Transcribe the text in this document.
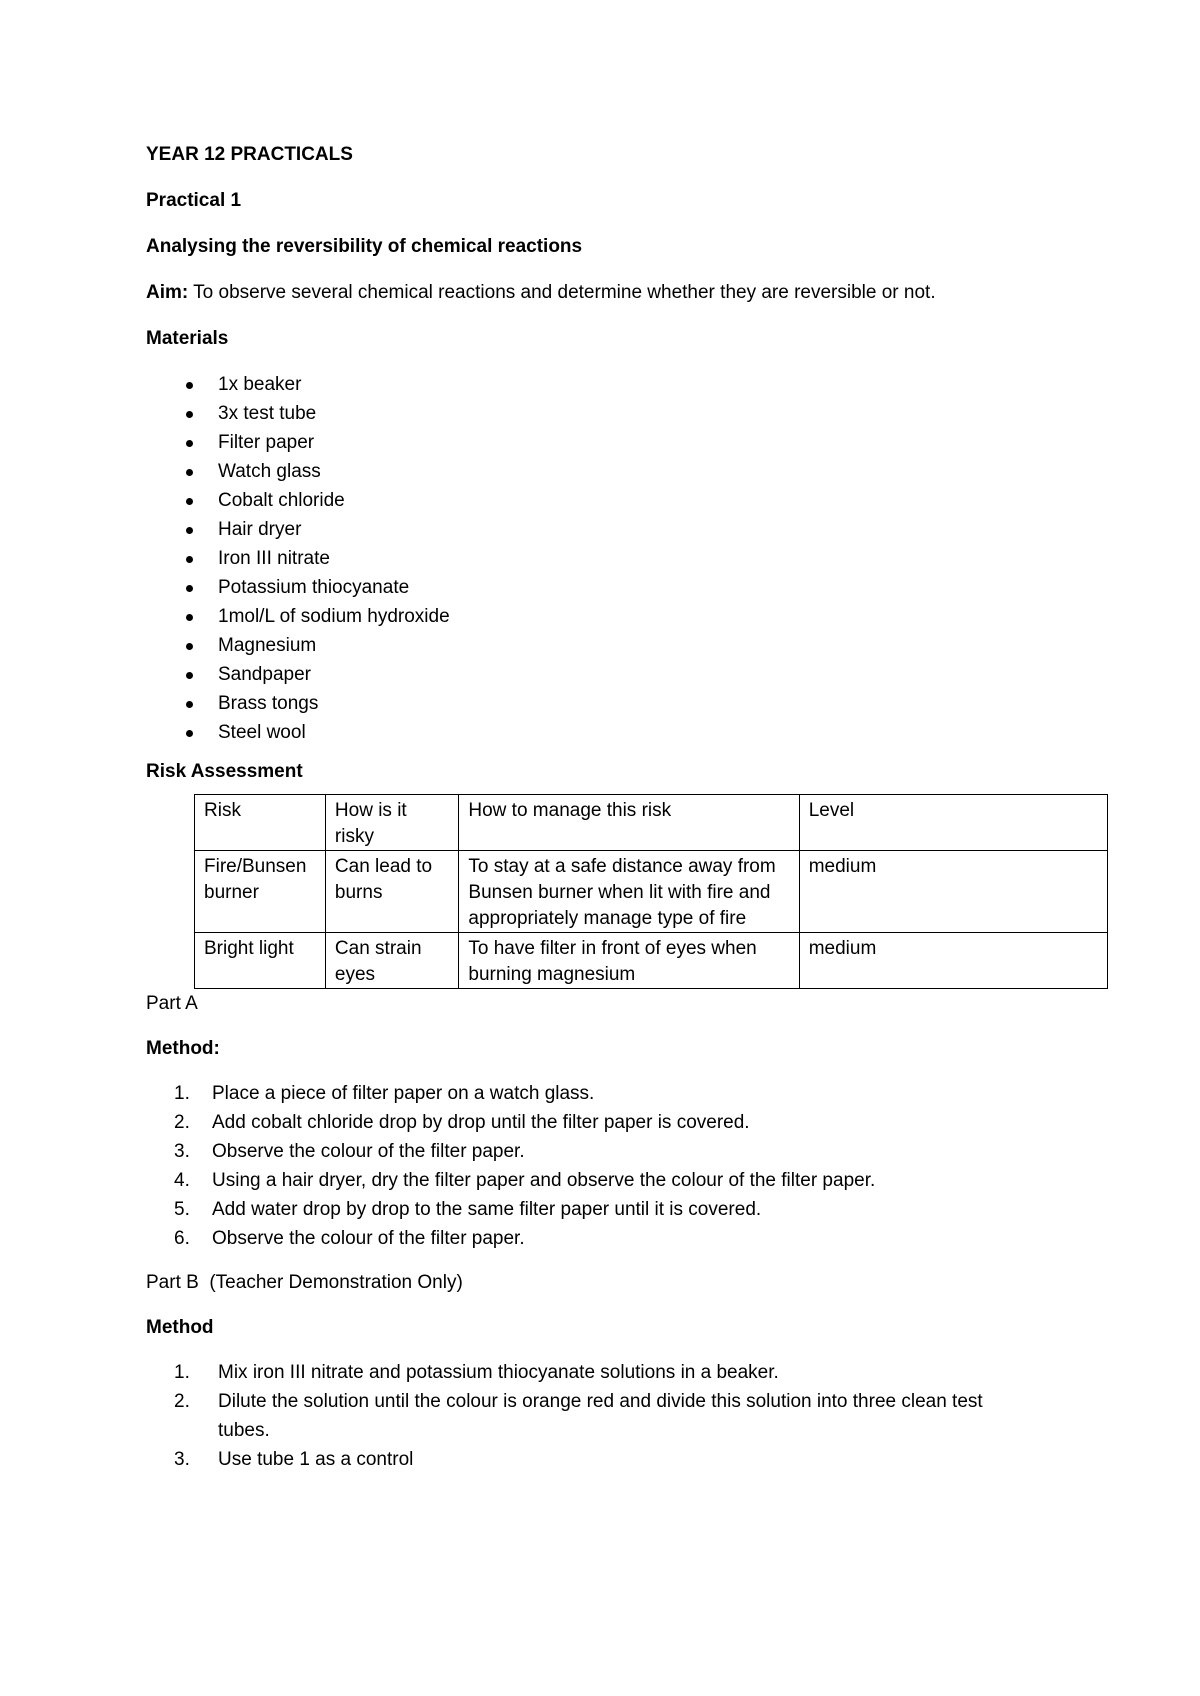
YEAR 12 PRACTICALS

Practical 1

Analysing the reversibility of chemical reactions

Aim: To observe several chemical reactions and determine whether they are reversible or not.

Materials

1x beaker
3x test tube
Filter paper
Watch glass
Cobalt chloride
Hair dryer
Iron III nitrate
Potassium thiocyanate
1mol/L of sodium hydroxide
Magnesium
Sandpaper
Brass tongs
Steel wool

Risk Assessment

Risk	How is it risky	How to manage this risk	Level
Fire/Bunsen burner	Can lead to burns	To stay at a safe distance away from Bunsen burner when lit with fire and appropriately manage type of fire	medium
Bright light	Can strain eyes	To have filter in front of eyes when burning magnesium	medium

Part A

Method:

1. Place a piece of filter paper on a watch glass.
2. Add cobalt chloride drop by drop until the filter paper is covered.
3. Observe the colour of the filter paper.
4. Using a hair dryer, dry the filter paper and observe the colour of the filter paper.
5. Add water drop by drop to the same filter paper until it is covered.
6. Observe the colour of the filter paper.

Part B  (Teacher Demonstration Only)

Method

1. Mix iron III nitrate and potassium thiocyanate solutions in a beaker.
2. Dilute the solution until the colour is orange red and divide this solution into three clean test tubes.
3. Use tube 1 as a control
